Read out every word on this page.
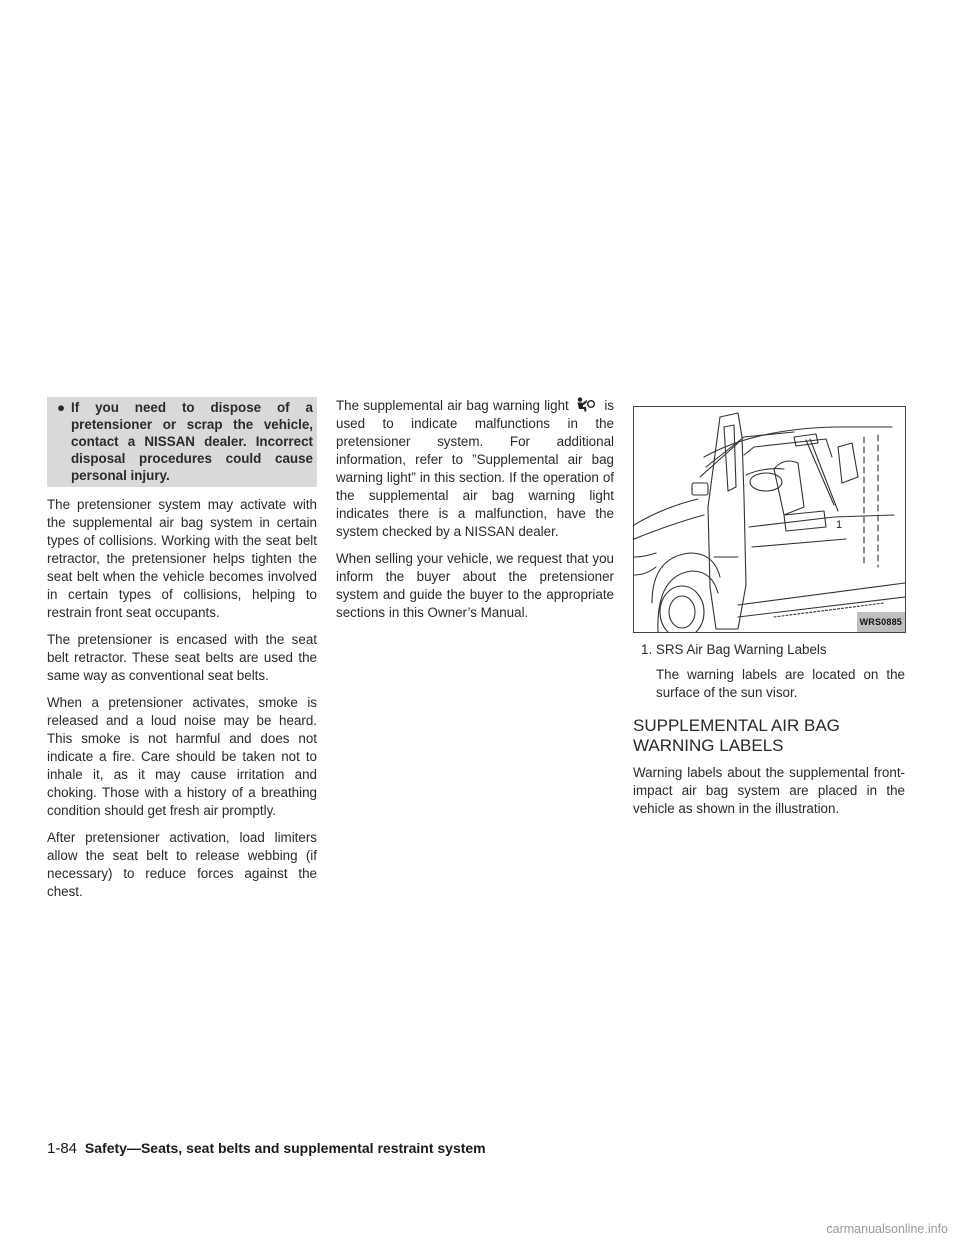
● If you need to dispose of a pretensioner or scrap the vehicle, contact a NISSAN dealer. Incorrect disposal procedures could cause personal injury.

The pretensioner system may activate with the supplemental air bag system in certain types of collisions. Working with the seat belt retractor, the pretensioner helps tighten the seat belt when the vehicle becomes involved in certain types of collisions, helping to restrain front seat occupants.

The pretensioner is encased with the seat belt retractor. These seat belts are used the same way as conventional seat belts.

When a pretensioner activates, smoke is released and a loud noise may be heard. This smoke is not harmful and does not indicate a fire. Care should be taken not to inhale it, as it may cause irritation and choking. Those with a history of a breathing condition should get fresh air promptly.

After pretensioner activation, load limiters allow the seat belt to release webbing (if necessary) to reduce forces against the chest.

The supplemental air bag warning light	is used to indicate malfunctions in the pretensioner system. For additional information, refer to ”Supplemental air bag warning light” in this section. If the operation of the supplemental air bag warning light indicates there is a malfunction, have the system checked by a NISSAN dealer.

When selling your vehicle, we request that you inform the buyer about the pretensioner system and guide the buyer to the appropriate sections in this Owner’s Manual.

1
WRS0885
1. SRS Air Bag Warning Labels
The warning labels are located on the surface of the sun visor.
SUPPLEMENTAL AIR BAG
WARNING LABELS

Warning labels about the supplemental front-impact air bag system are placed in the vehicle as shown in the illustration.

1-84 Safety—Seats, seat belts and supplemental restraint system
carmanualsonline.info
